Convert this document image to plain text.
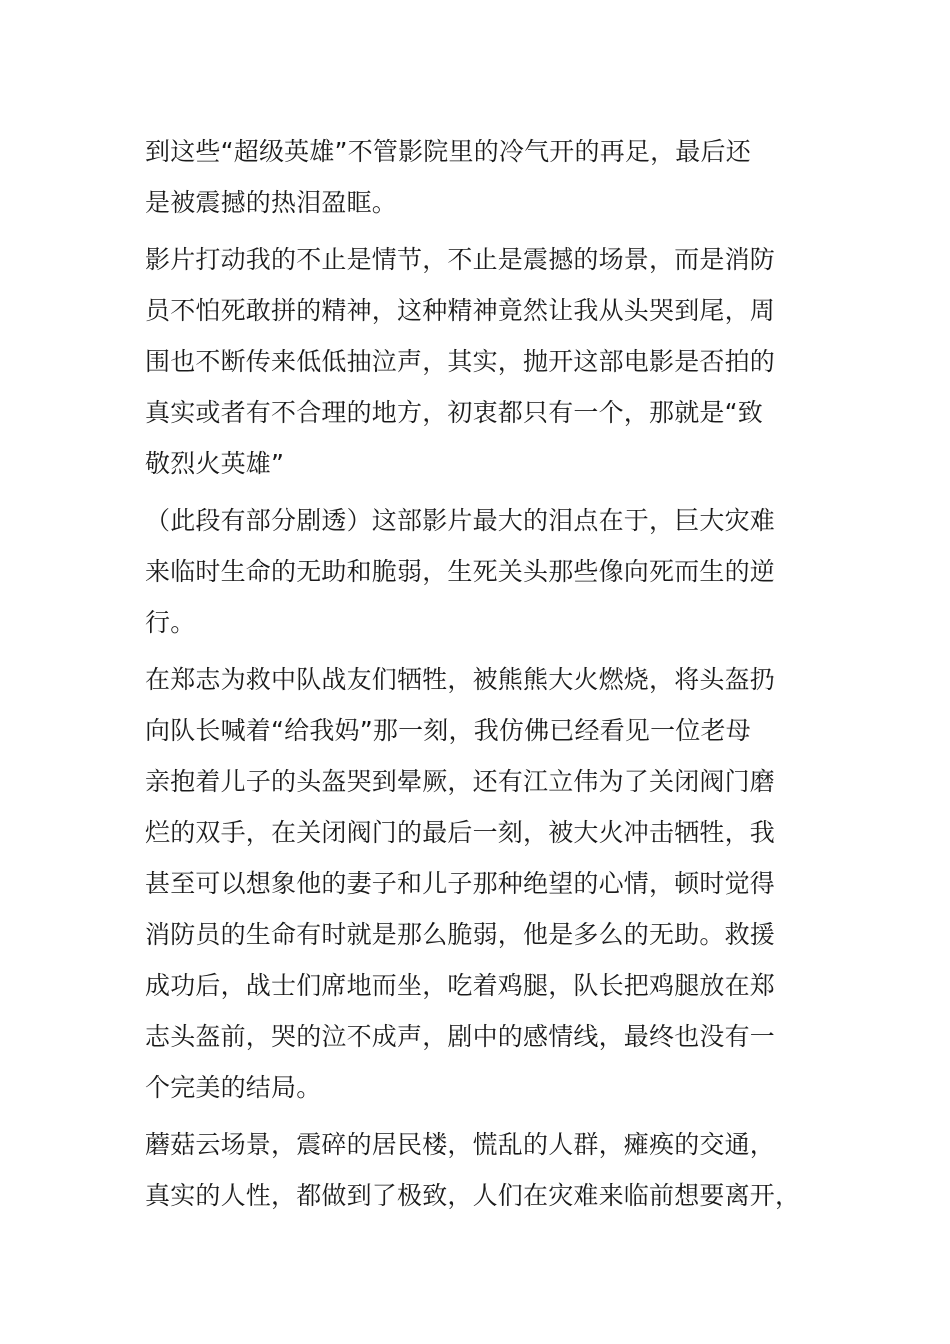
到这些“超级英雄”不管影院里的冷气开的再足，最后还
是被震撼的热泪盈眶。
影片打动我的不止是情节，不止是震撼的场景，而是消防
员不怕死敢拼的精神，这种精神竟然让我从头哭到尾，周
围也不断传来低低抽泣声，其实，抛开这部电影是否拍的
真实或者有不合理的地方，初衷都只有一个，那就是“致
敬烈火英雄”
（此段有部分剧透）这部影片最大的泪点在于，巨大灾难
来临时生命的无助和脆弱，生死关头那些像向死而生的逆
行。
在郑志为救中队战友们牺牲，被熊熊大火燃烧，将头盔扔
向队长喊着“给我妈”那一刻，我仿佛已经看见一位老母
亲抱着儿子的头盔哭到晕厥，还有江立伟为了关闭阀门磨
烂的双手，在关闭阀门的最后一刻，被大火冲击牺牲，我
甚至可以想象他的妻子和儿子那种绝望的心情，顿时觉得
消防员的生命有时就是那么脆弱，他是多么的无助。救援
成功后，战士们席地而坐，吃着鸡腿，队长把鸡腿放在郑
志头盔前，哭的泣不成声，剧中的感情线，最终也没有一
个完美的结局。
蘑菇云场景，震碎的居民楼，慌乱的人群，瘫痪的交通，
真实的人性，都做到了极致，人们在灾难来临前想要离开，
